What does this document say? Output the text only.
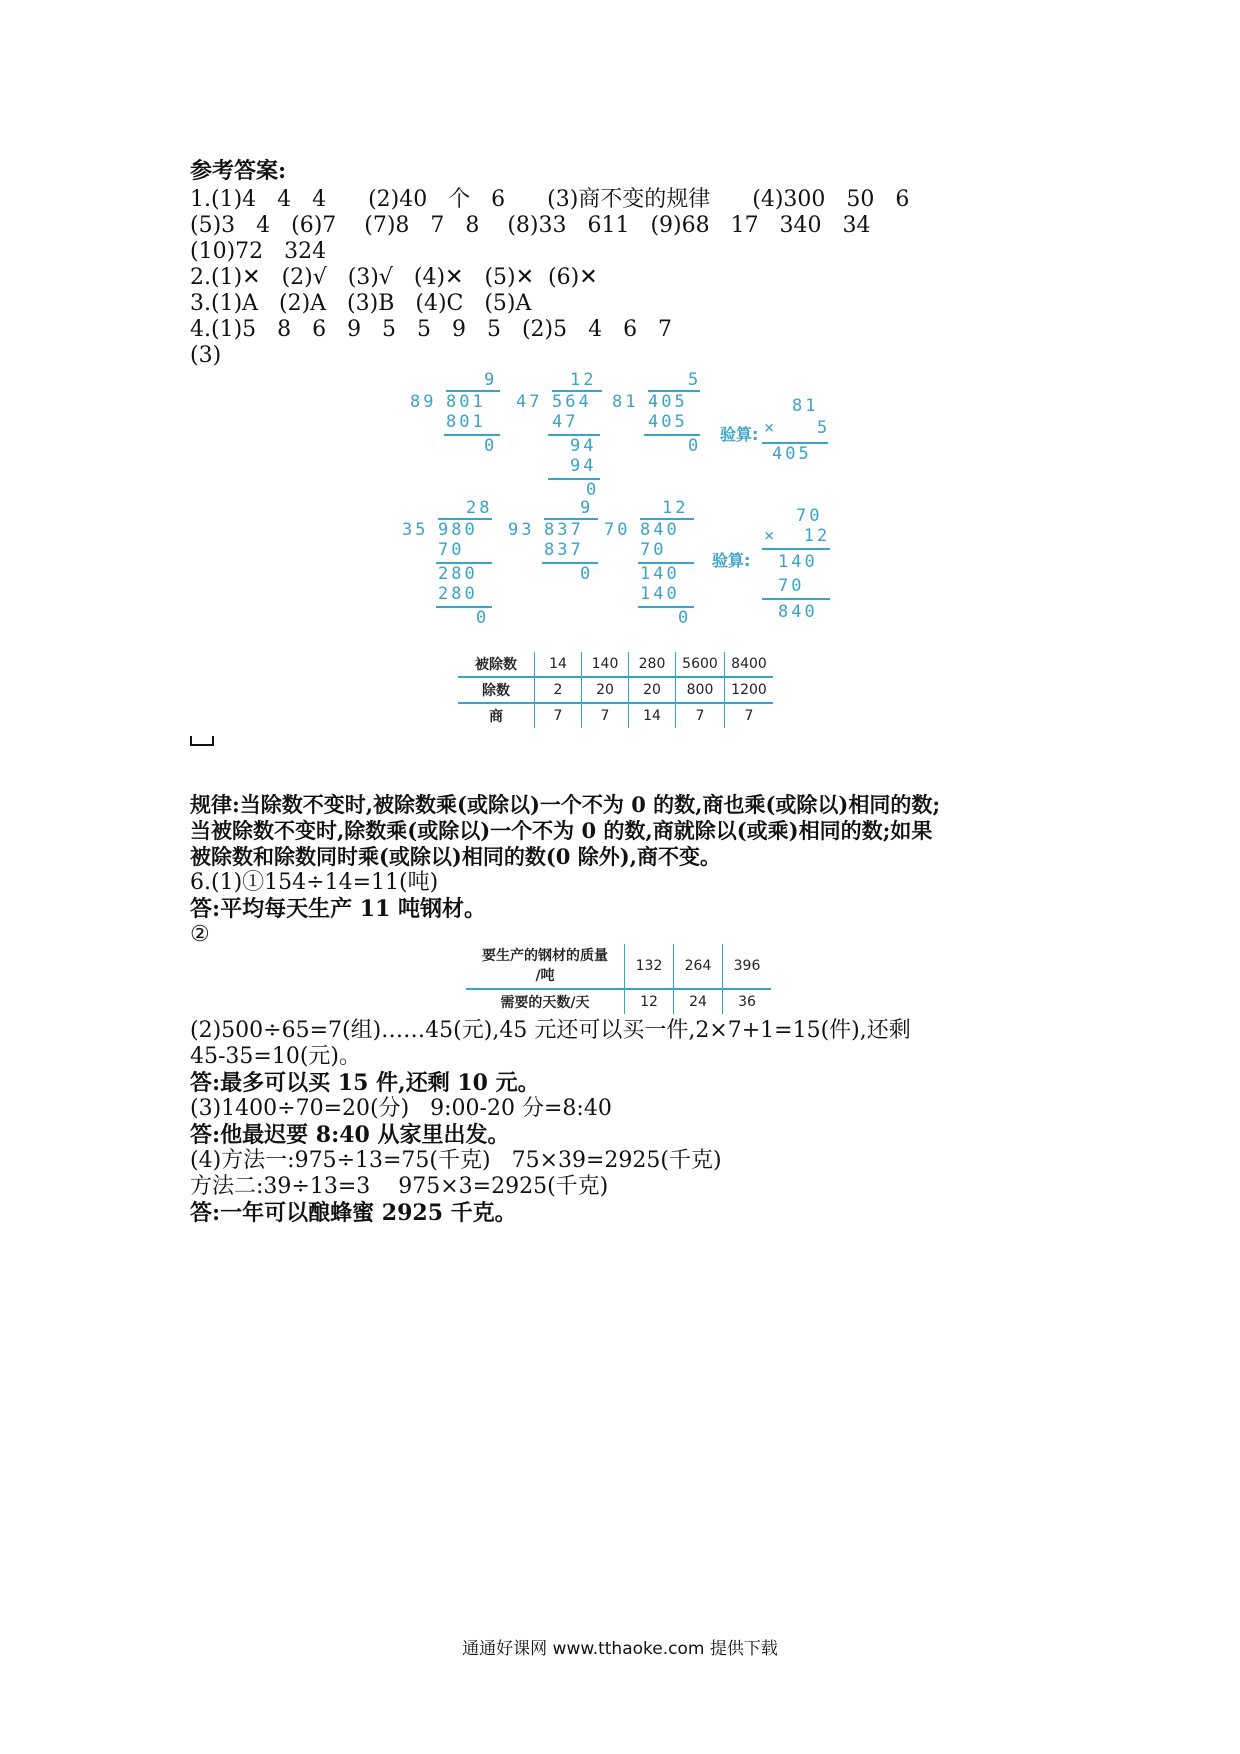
参考答案:
1.(1)4   4   4      (2)40   个   6      (3)商不变的规律      (4)300   50   6
(5)3   4   (6)7    (7)8   7   8    (8)33   611   (9)68   17   340   34
(10)72   324
2.(1)✕   (2)√   (3)√   (4)✕   (5)✕  (6)✕
3.(1)A   (2)A   (3)B   (4)C   (5)A
4.(1)5   8   6   9   5   5   9   5   (2)5   4   6   7
(3)
9
89 801
801
0
12
47 564
47
94
94
0
5
81 405
405
0
验算:
81
×   5
405
28
35 980
70
280
280
0
9
93 837
837
0
12
70 840
70
140
140
0
验算:
70
×  12
140
70
840
被除数	14	140	280	5600	8400
除数	2	20	20	800	1200
商	7	7	14	7	7
规律:当除数不变时,被除数乘(或除以)一个不为 0 的数,商也乘(或除以)相同的数;
当被除数不变时,除数乘(或除以)一个不为 0 的数,商就除以(或乘)相同的数;如果
被除数和除数同时乘(或除以)相同的数(0 除外),商不变。
6.(1)①154÷14=11(吨)
答:平均每天生产 11 吨钢材。
②
要生产的钢材的质量
/吨	132	264	396
需要的天数/天	12	24	36
(2)500÷65=7(组)……45(元),45 元还可以买一件,2×7+1=15(件),还剩
45-35=10(元)。
答:最多可以买 15 件,还剩 10 元。
(3)1400÷70=20(分)   9:00-20 分=8:40
答:他最迟要 8:40 从家里出发。
(4)方法一:975÷13=75(千克)   75×39=2925(千克)
方法二:39÷13=3    975×3=2925(千克)
答:一年可以酿蜂蜜 2925 千克。
通通好课网 www.tthaoke.com 提供下载
